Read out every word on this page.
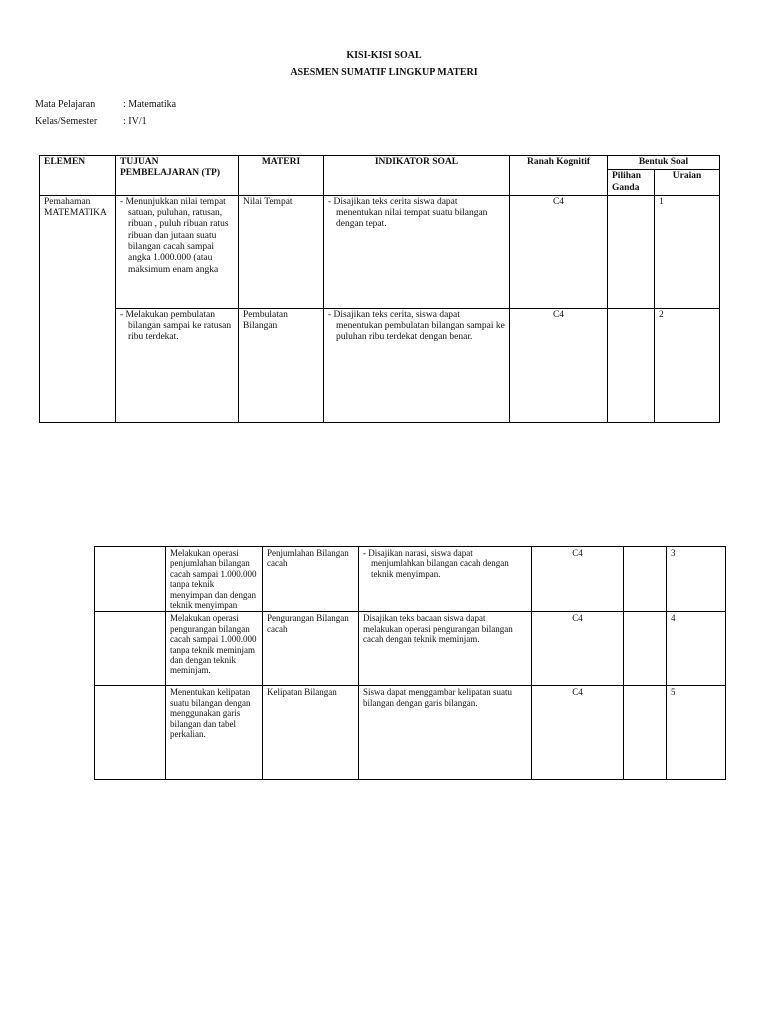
KISI-KISI SOAL
ASESMEN SUMATIF LINGKUP MATERI
Mata Pelajaran	: Matematika
Kelas/Semester	: IV/1
ELEMEN	TUJUAN PEMBELAJARAN (TP)	MATERI	INDIKATOR SOAL	Ranah Kognitif	Bentuk Soal	
					Pilihan Ganda	Uraian
Pemahaman MATEMATIKA	- Menunjukkan nilai tempat satuan, puluhan, ratusan, ribuan , puluh ribuan ratus ribuan dan jutaan suatu bilangan cacah sampai angka 1.000.000 (atau maksimum enam angka	Nilai Tempat	- Disajikan teks cerita siswa dapat menentukan nilai tempat suatu bilangan dengan tepat.	C4		1
	- Melakukan pembulatan bilangan sampai ke ratusan ribu terdekat.	Pembulatan Bilangan	- Disajikan teks cerita, siswa dapat menentukan pembulatan bilangan sampai ke puluhan ribu terdekat dengan benar.	C4		2
	Melakukan operasi penjumlahan bilangan cacah sampai 1.000.000 tanpa teknik menyimpan dan dengan teknik menyimpan	Penjumlahan Bilangan cacah	- Disajikan narasi, siswa dapat menjumlahkan bilangan cacah dengan teknik menyimpan.	C4		3
	Melakukan operasi pengurangan bilangan cacah sampai 1.000.000 tanpa teknik meminjam dan dengan teknik meminjam.	Pengurangan Bilangan cacah	Disajikan teks bacaan siswa dapat melakukan operasi pengurangan bilangan cacah dengan teknik meminjam.	C4		4
	Menentukan kelipatan suatu bilangan dengan menggunakan garis bilangan dan tabel perkalian.	Kelipatan Bilangan	Siswa dapat menggambar kelipatan suatu bilangan dengan garis bilangan.	C4		5
